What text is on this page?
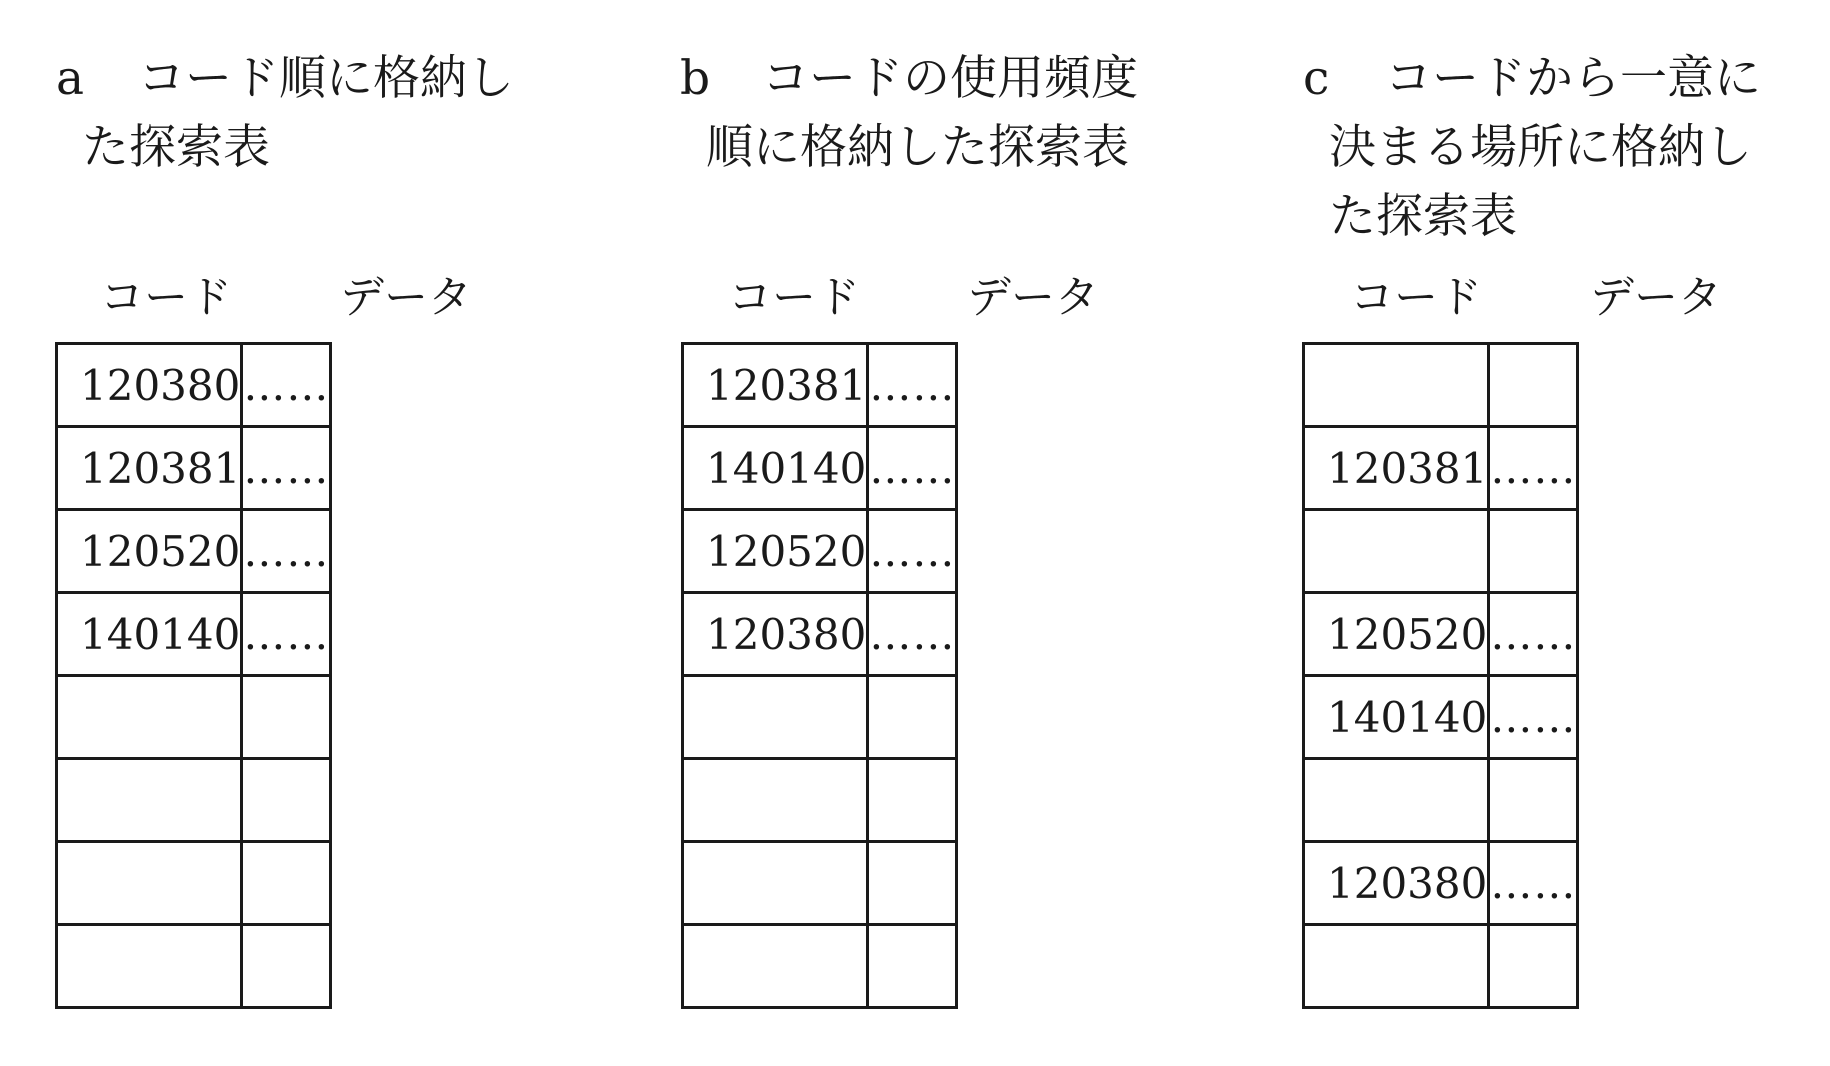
a コード順に格納し
た探索表
コード データ
120380	……
120381	……
120520	……
140140	……

b コードの使用頻度
順に格納した探索表
コード データ
120381	……
140140	……
120520	……
120380	……

c コードから一意に
決まる場所に格納し
た探索表
コード データ

120381	……

120520	……
140140	……

120380	……
